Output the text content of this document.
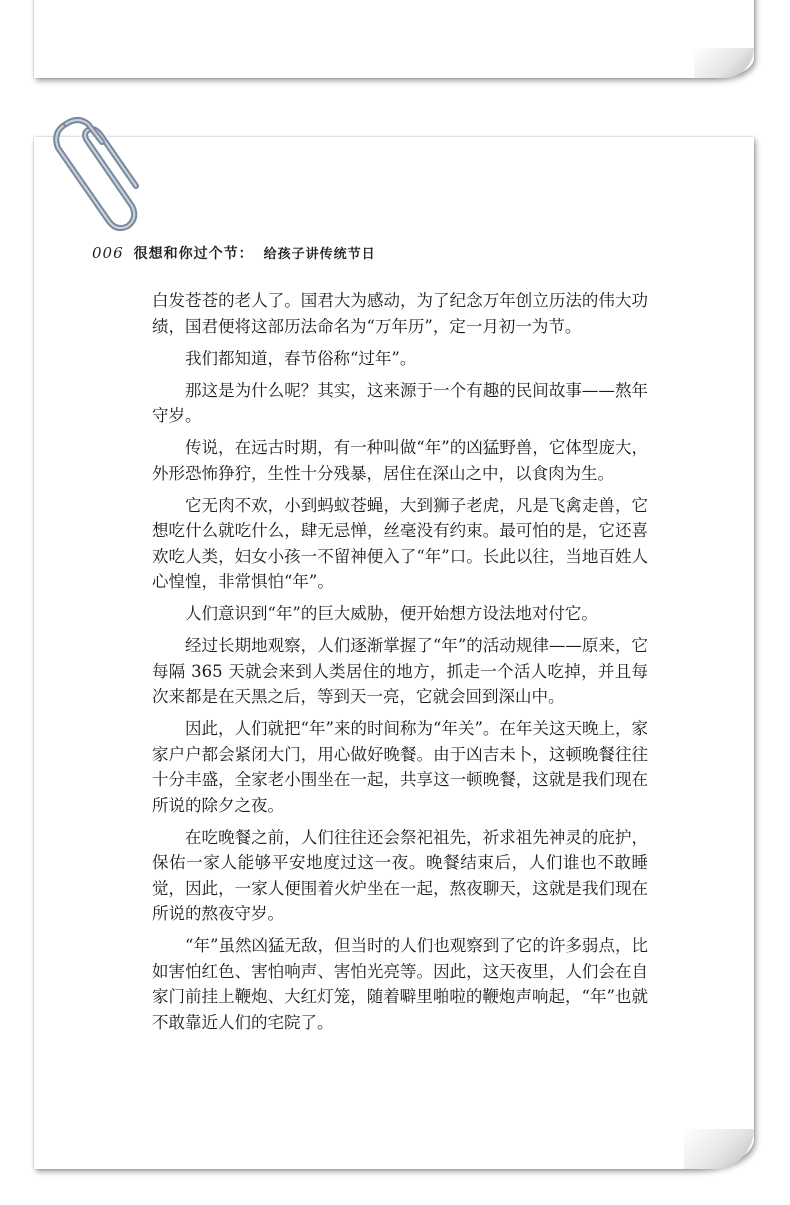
006 很想和你过个节： 给孩子讲传统节日

白发苍苍的老人了。国君大为感动，为了纪念万年创立历法的伟大功绩，国君便将这部历法命名为“万年历”，定一月初一为节。

我们都知道，春节俗称“过年”。

那这是为什么呢？其实，这来源于一个有趣的民间故事——熬年守岁。

传说，在远古时期，有一种叫做“年”的凶猛野兽，它体型庞大，外形恐怖狰狞，生性十分残暴，居住在深山之中，以食肉为生。

它无肉不欢，小到蚂蚁苍蝇，大到狮子老虎，凡是飞禽走兽，它想吃什么就吃什么，肆无忌惮，丝毫没有约束。最可怕的是，它还喜欢吃人类，妇女小孩一不留神便入了“年”口。长此以往，当地百姓人心惶惶，非常惧怕“年”。

人们意识到“年”的巨大威胁，便开始想方设法地对付它。

经过长期地观察，人们逐渐掌握了“年”的活动规律——原来，它每隔 365 天就会来到人类居住的地方，抓走一个活人吃掉，并且每次来都是在天黑之后，等到天一亮，它就会回到深山中。

因此，人们就把“年”来的时间称为“年关”。在年关这天晚上，家家户户都会紧闭大门，用心做好晚餐。由于凶吉未卜，这顿晚餐往往十分丰盛，全家老小围坐在一起，共享这一顿晚餐，这就是我们现在所说的除夕之夜。

在吃晚餐之前，人们往往还会祭祀祖先，祈求祖先神灵的庇护，保佑一家人能够平安地度过这一夜。晚餐结束后，人们谁也不敢睡觉，因此，一家人便围着火炉坐在一起，熬夜聊天，这就是我们现在所说的熬夜守岁。

“年”虽然凶猛无敌，但当时的人们也观察到了它的许多弱点，比如害怕红色、害怕响声、害怕光亮等。因此，这天夜里，人们会在自家门前挂上鞭炮、大红灯笼，随着噼里啪啦的鞭炮声响起，“年”也就不敢靠近人们的宅院了。
